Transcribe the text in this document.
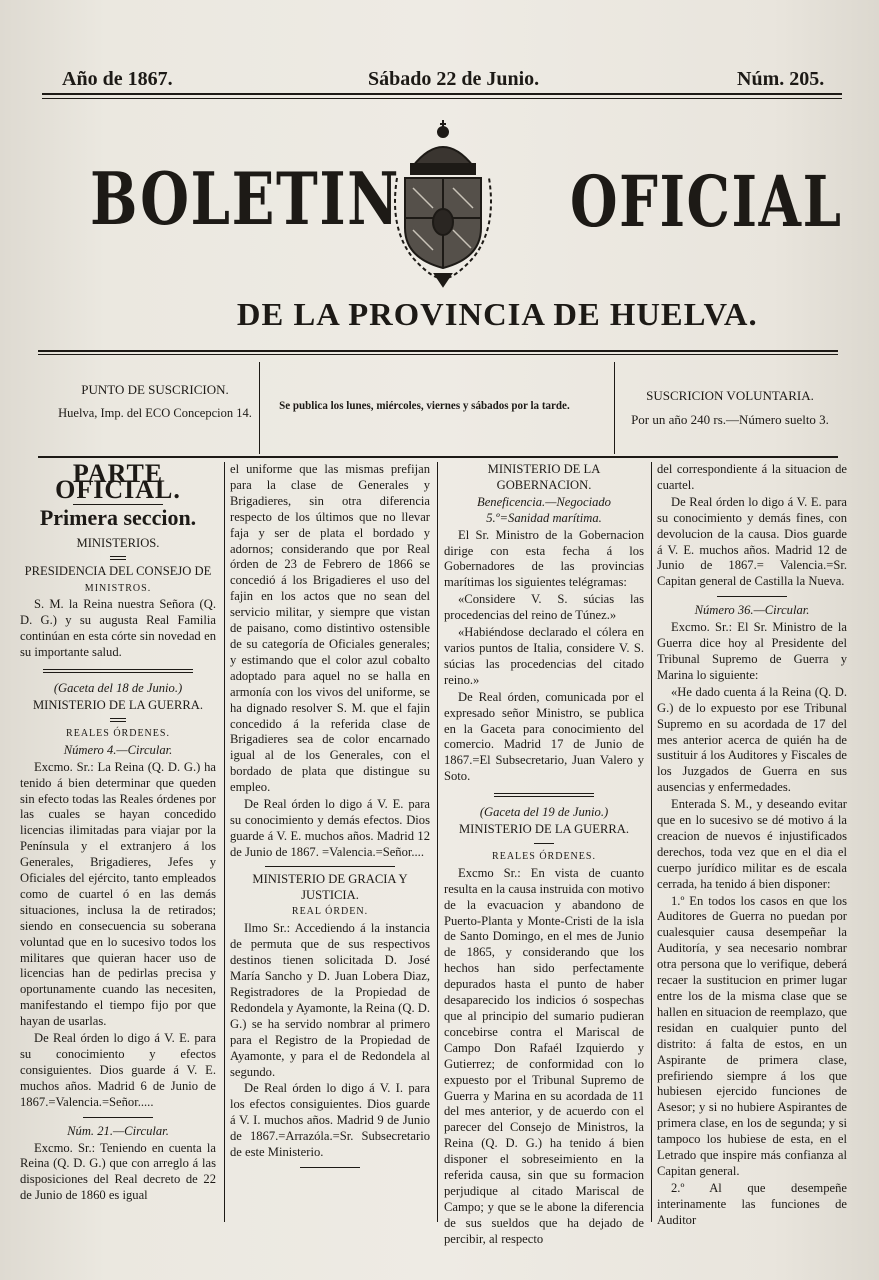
Año de 1867.	Sábado 22 de Junio.	Núm. 205.
BOLETIN OFICIAL
DE LA PROVINCIA DE HUELVA.
PUNTO DE SUSCRICION.
Huelva, Imp. del ECO Concepcion 14.
Se publica los lunes, miércoles, viernes y sábados por la tarde.
SUSCRICION VOLUNTARIA.
Por un año 240 rs.—Número suelto 3.

PARTE OFICIAL.

Primera seccion.

MINISTERIOS.

PRESIDENCIA DEL CONSEJO DE

MINISTROS.

S. M. la Reina nuestra Señora (Q. D. G.) y su augusta Real Familia continúan en esta córte sin novedad en su importante salud.

(Gaceta del 18 de Junio.)

MINISTERIO DE LA GUERRA.

REALES ÓRDENES.

Número 4.—Circular.

Excmo. Sr.: La Reina (Q. D. G.) ha tenido á bien determinar que queden sin efecto todas las Reales órdenes por las cuales se hayan concedido licencias ilimitadas para viajar por la Península y el extranjero á los Generales, Brigadieres, Jefes y Oficiales del ejército, tanto empleados como de cuartel ó en las demás situaciones, inclusa la de retirados; siendo en consecuencia su soberana voluntad que en lo sucesivo todos los militares que quieran hacer uso de licencias han de pedirlas precisa y oportunamente cuando las necesiten, manifestando el tiempo fijo por que hayan de usarlas.

De Real órden lo digo á V. E. para su conocimiento y efectos consiguientes. Dios guarde á V. E. muchos años. Madrid 6 de Junio de 1867.=Valencia.=Señor.....

Núm. 21.—Circular.

Excmo. Sr.: Teniendo en cuenta la Reina (Q. D. G.) que con arreglo á las disposiciones del Real decreto de 22 de Junio de 1860 es igual

el uniforme que las mismas prefijan para la clase de Generales y Brigadieres, sin otra diferencia respecto de los últimos que no llevar faja y ser de plata el bordado y adornos; considerando que por Real órden de 23 de Febrero de 1866 se concedió á los Brigadieres el uso del fajin en los actos que no sean del servicio militar, y siempre que vistan de paisano, como distintivo ostensible de su categoría de Oficiales generales; y estimando que el color azul cobalto adoptado para aquel no se halla en armonía con los vivos del uniforme, se ha dignado resolver S. M. que el fajin concedido á la referida clase de Brigadieres sea de color encarnado igual al de los Generales, con el bordado de plata que distingue su empleo.

De Real órden lo digo á V. E. para su conocimiento y demás efectos. Dios guarde á V. E. muchos años. Madrid 12 de Junio de 1867. =Valencia.=Señor....

MINISTERIO DE GRACIA Y JUSTICIA.

REAL ÓRDEN.

Ilmo Sr.: Accediendo á la instancia de permuta que de sus respectivos destinos tienen solicitada D. José María Sancho y D. Juan Lobera Diaz, Registradores de la Propiedad de Redondela y Ayamonte, la Reina (Q. D. G.) se ha servido nombrar al primero para el Registro de la Propiedad de Ayamonte, y para el de Redondela al segundo.

De Real órden lo digo á V. I. para los efectos consiguientes. Dios guarde á V. I. muchos años. Madrid 9 de Junio de 1867.=Arrazóla.=Sr. Subsecretario de este Ministerio.

MINISTERIO DE LA GOBERNACION.

Beneficencia.—Negociado 5.º=Sanidad marítima.

El Sr. Ministro de la Gobernacion dirige con esta fecha á los Gobernadores de las provincias marítimas los siguientes telégramas:

«Considere V. S. súcias las procedencias del reino de Túnez.»

«Habiéndose declarado el cólera en varios puntos de Italia, considere V. S. súcias las procedencias del citado reino.»

De Real órden, comunicada por el expresado señor Ministro, se publica en la Gaceta para conocimiento del comercio. Madrid 17 de Junio de 1867.=El Subsecretario, Juan Valero y Soto.

(Gaceta del 19 de Junio.)

MINISTERIO DE LA GUERRA.

REALES ÓRDENES.

Excmo Sr.: En vista de cuanto resulta en la causa instruida con motivo de la evacuacion y abandono de Puerto-Planta y Monte-Cristi de la isla de Santo Domingo, en el mes de Junio de 1865, y considerando que los hechos han sido perfectamente depurados hasta el punto de haber desaparecido los indicios ó sospechas que al principio del sumario pudieran concebirse contra el Mariscal de Campo Don Rafaél Izquierdo y Gutierrez; de conformidad con lo expuesto por el Tribunal Supremo de Guerra y Marina en su acordada de 11 del mes anterior, y de acuerdo con el parecer del Consejo de Ministros, la Reina (Q. D. G.) ha tenido á bien disponer el sobreseimiento en la referida causa, sin que su formacion perjudique al citado Mariscal de Campo; y que se le abone la diferencia de sus sueldos que ha dejado de percibir, al respecto

del correspondiente á la situacion de cuartel.

De Real órden lo digo á V. E. para su conocimiento y demás fines, con devolucion de la causa. Dios guarde á V. E. muchos años. Madrid 12 de Junio de 1867.= Valencia.=Sr. Capitan general de Castilla la Nueva.

Número 36.—Circular.

Excmo. Sr.: El Sr. Ministro de la Guerra dice hoy al Presidente del Tribunal Supremo de Guerra y Marina lo siguiente:

«He dado cuenta á la Reina (Q. D. G.) de lo expuesto por ese Tribunal Supremo en su acordada de 17 del mes anterior acerca de quién ha de sustituir á los Auditores y Fiscales de los Juzgados de Guerra en sus ausencias y enfermedades.

Enterada S. M., y deseando evitar que en lo sucesivo se dé motivo á la creacion de nuevos é injustificados derechos, toda vez que en el dia el cuerpo jurídico militar es de escala cerrada, ha tenido á bien disponer:

1.º En todos los casos en que los Auditores de Guerra no puedan por cualesquier causa desempeñar la Auditoría, y sea necesario nombrar otra persona que lo verifique, deberá recaer la sustitucion en primer lugar entre los de la misma clase que se hallen en situacion de reemplazo, que residan en cualquier punto del distrito: á falta de estos, en un Aspirante de primera clase, prefiriendo siempre á los que hubiesen ejercido funciones de Asesor; y si no hubiere Aspirantes de primera clase, en los de segunda; y si tampoco los hubiese de esta, en el Letrado que inspire más confianza al Capitan general.

2.º Al que desempeñe interinamente las funciones de Auditor
